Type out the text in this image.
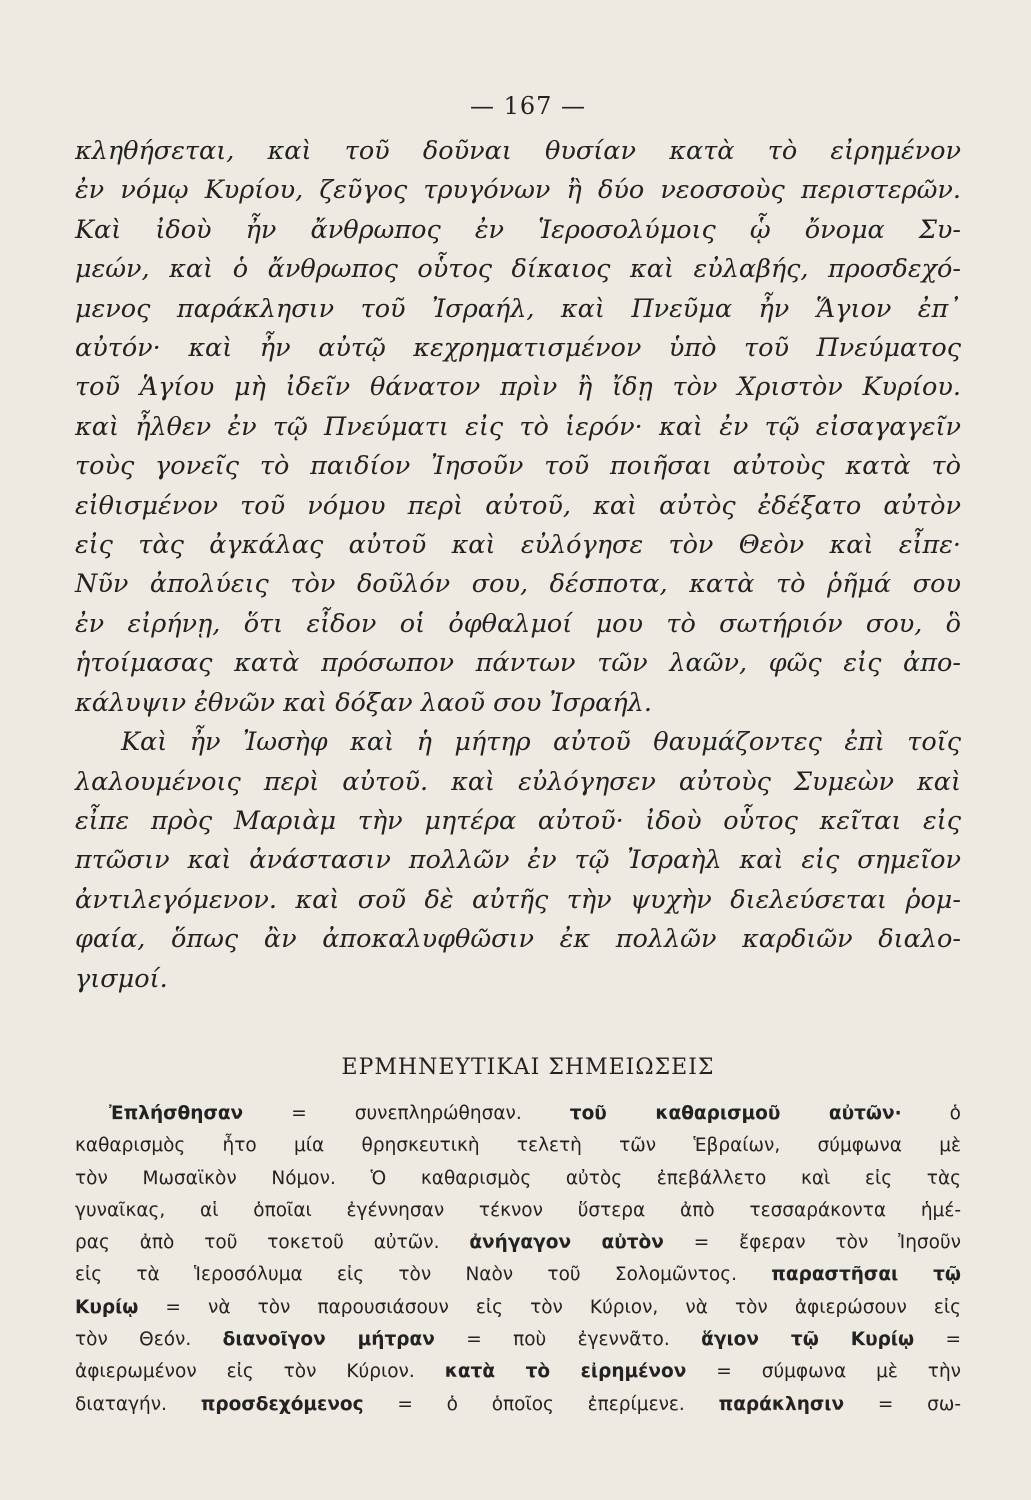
— 167 —
κληθήσεται, καὶ τοῦ δοῦναι θυσίαν κατὰ τὸ εἰρημένον
ἐν νόμῳ Κυρίου, ζεῦγος τρυγόνων ἢ δύο νεοσσοὺς περιστερῶν.
Καὶ ἰδοὺ ἦν ἄνθρωπος ἐν Ἱεροσολύμοις ᾧ ὄνομα Συ-
μεών, καὶ ὁ ἄνθρωπος οὗτος δίκαιος καὶ εὐλαβής, προσδεχό-
μενος παράκλησιν τοῦ Ἰσραήλ, καὶ Πνεῦμα ἦν Ἅγιον ἐπ᾽
αὐτόν· καὶ ἦν αὐτῷ κεχρηματισμένον ὑπὸ τοῦ Πνεύματος
τοῦ Ἁγίου μὴ ἰδεῖν θάνατον πρὶν ἢ ἴδῃ τὸν Χριστὸν Κυρίου.
καὶ ἦλθεν ἐν τῷ Πνεύματι εἰς τὸ ἱερόν· καὶ ἐν τῷ εἰσαγαγεῖν
τοὺς γονεῖς τὸ παιδίον Ἰησοῦν τοῦ ποιῆσαι αὐτοὺς κατὰ τὸ
εἰθισμένον τοῦ νόμου περὶ αὐτοῦ, καὶ αὐτὸς ἐδέξατο αὐτὸν
εἰς τὰς ἀγκάλας αὐτοῦ καὶ εὐλόγησε τὸν Θεὸν καὶ εἶπε·
Νῦν ἀπολύεις τὸν δοῦλόν σου, δέσποτα, κατὰ τὸ ῥῆμά σου
ἐν εἰρήνῃ, ὅτι εἶδον οἱ ὀφθαλμοί μου τὸ σωτήριόν σου, ὃ
ἡτοίμασας κατὰ πρόσωπον πάντων τῶν λαῶν, φῶς εἰς ἀπο-
κάλυψιν ἐθνῶν καὶ δόξαν λαοῦ σου Ἰσραήλ.
Καὶ ἦν Ἰωσὴφ καὶ ἡ μήτηρ αὐτοῦ θαυμάζοντες ἐπὶ τοῖς
λαλουμένοις περὶ αὐτοῦ. καὶ εὐλόγησεν αὐτοὺς Συμεὼν καὶ
εἶπε πρὸς Μαριὰμ τὴν μητέρα αὐτοῦ· ἰδοὺ οὗτος κεῖται εἰς
πτῶσιν καὶ ἀνάστασιν πολλῶν ἐν τῷ Ἰσραὴλ καὶ εἰς σημεῖον
ἀντιλεγόμενον. καὶ σοῦ δὲ αὐτῆς τὴν ψυχὴν διελεύσεται ῥομ-
φαία, ὅπως ἂν ἀποκαλυφθῶσιν ἐκ πολλῶν καρδιῶν διαλο-
γισμοί.
ΕΡΜΗΝΕΥΤΙΚΑΙ ΣΗΜΕΙΩΣΕΙΣ
Ἐπλήσθησαν = συνεπληρώθησαν. τοῦ καθαρισμοῦ αὐτῶν· ὁ
καθαρισμὸς ἦτο μία θρησκευτικὴ τελετὴ τῶν Ἑβραίων, σύμφωνα μὲ
τὸν Μωσαϊκὸν Νόμον. Ὁ καθαρισμὸς αὐτὸς ἐπεβάλλετο καὶ εἰς τὰς
γυναῖκας, αἱ ὁποῖαι ἐγέννησαν τέκνον ὕστερα ἀπὸ τεσσαράκοντα ἡμέ-
ρας ἀπὸ τοῦ τοκετοῦ αὐτῶν. ἀνήγαγον αὐτὸν = ἔφεραν τὸν Ἰησοῦν
εἰς τὰ Ἱεροσόλυμα εἰς τὸν Ναὸν τοῦ Σολομῶντος. παραστῆσαι τῷ
Κυρίῳ = νὰ τὸν παρουσιάσουν εἰς τὸν Κύριον, νὰ τὸν ἀφιερώσουν εἰς
τὸν Θεόν. διανοῖγον μήτραν = ποὺ ἐγεννᾶτο. ἅγιον τῷ Κυρίῳ =
ἀφιερωμένον εἰς τὸν Κύριον. κατὰ τὸ εἰρημένον = σύμφωνα μὲ τὴν
διαταγήν. προσδεχόμενος = ὁ ὁποῖος ἐπερίμενε. παράκλησιν = σω-
